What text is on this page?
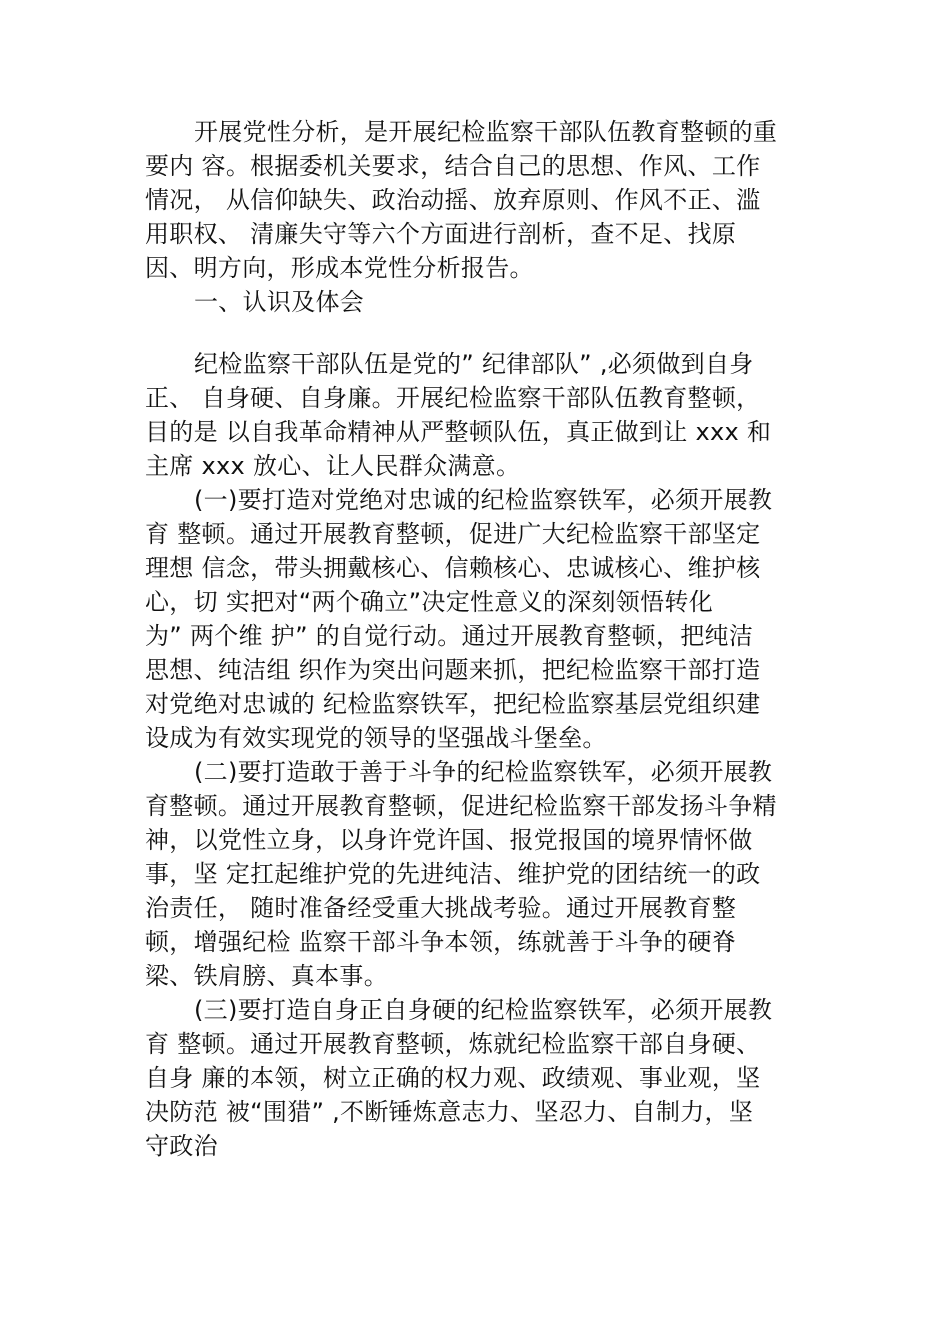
开展党性分析，是开展纪检监察干部队伍教育整顿的重
要内 容。根据委机关要求，结合自己的思想、作风、工作
情况， 从信仰缺失、政治动摇、放弃原则、作风不正、滥
用职权、 清廉失守等六个方面进行剖析，查不足、找原
因、明方向，形成本党性分析报告。
一、认识及体会
纪检监察干部队伍是党的” 纪律部队” ,必须做到自身
正、 自身硬、自身廉。开展纪检监察干部队伍教育整顿，
目的是 以自我革命精神从严整顿队伍，真正做到让 xxx 和
主席 xxx 放心、让人民群众满意。
(一)要打造对党绝对忠诚的纪检监察铁军，必须开展教
育 整顿。通过开展教育整顿，促进广大纪检监察干部坚定
理想 信念，带头拥戴核心、信赖核心、忠诚核心、维护核
心，切 实把对“两个确立”决定性意义的深刻领悟转化
为” 两个维 护” 的自觉行动。通过开展教育整顿，把纯洁
思想、纯洁组 织作为突出问题来抓，把纪检监察干部打造
对党绝对忠诚的 纪检监察铁军，把纪检监察基层党组织建
设成为有效实现党的领导的坚强战斗堡垒。
(二)要打造敢于善于斗争的纪检监察铁军，必须开展教
育整顿。通过开展教育整顿，促进纪检监察干部发扬斗争精
神，以党性立身，以身许党许国、报党报国的境界情怀做
事，坚 定扛起维护党的先进纯洁、维护党的团结统一的政
治责任， 随时准备经受重大挑战考验。通过开展教育整
顿，增强纪检 监察干部斗争本领，练就善于斗争的硬脊
梁、铁肩膀、真本事。
(三)要打造自身正自身硬的纪检监察铁军，必须开展教
育 整顿。通过开展教育整顿，炼就纪检监察干部自身硬、
自身 廉的本领，树立正确的权力观、政绩观、事业观，坚
决防范 被“围猎” ,不断锤炼意志力、坚忍力、自制力，坚
守政治
